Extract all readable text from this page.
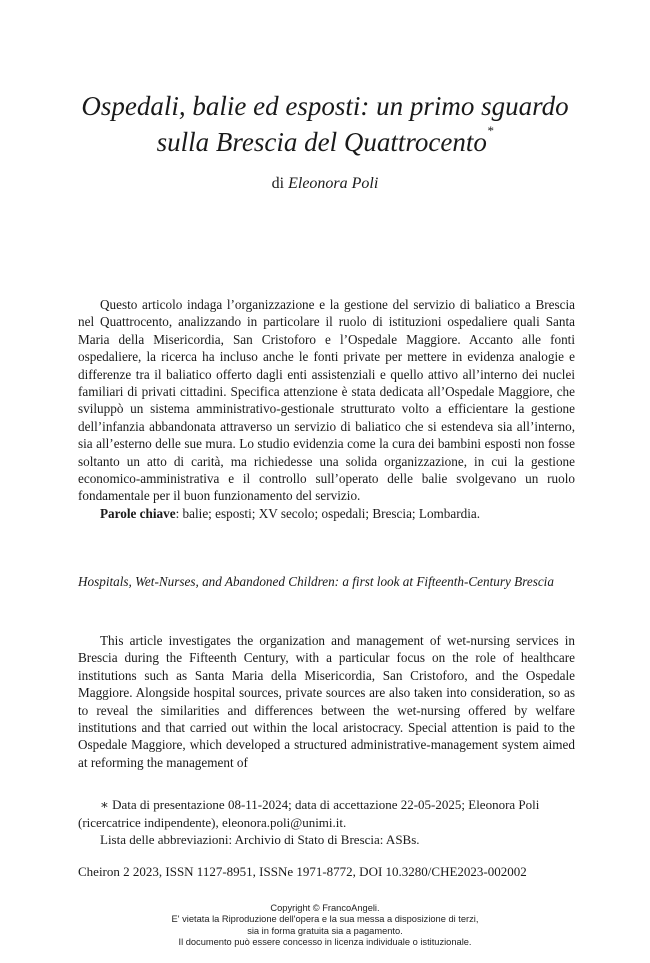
Ospedali, balie ed esposti: un primo sguardo
sulla Brescia del Quattrocento*

di Eleonora Poli

Questo articolo indaga l’organizzazione e la gestione del servizio di baliatico a Brescia nel Quattrocento, analizzando in particolare il ruolo di istituzioni ospedaliere quali Santa Maria della Misericordia, San Cristoforo e l’Ospedale Maggiore. Accanto alle fonti ospedaliere, la ricerca ha incluso anche le fonti private per mettere in evidenza analogie e differenze tra il baliatico offerto dagli enti assistenziali e quello attivo all’interno dei nuclei familiari di privati cittadini. Specifica attenzione è stata dedicata all’Ospedale Maggiore, che sviluppò un sistema amministrativo-gestionale strutturato volto a efficientare la gestione dell’infanzia abbandonata attraverso un servizio di baliatico che si estendeva sia all’interno, sia all’esterno delle sue mura. Lo studio evidenzia come la cura dei bambini esposti non fosse soltanto un atto di carità, ma richiedesse una solida organizzazione, in cui la gestione economico-amministrativa e il controllo sull’operato delle balie svolgevano un ruolo fondamentale per il buon funzionamento del servizio.

Parole chiave: balie; esposti; XV secolo; ospedali; Brescia; Lombardia.

Hospitals, Wet-Nurses, and Abandoned Children: a first look at Fifteenth-Century Brescia

This article investigates the organization and management of wet-nursing services in Brescia during the Fifteenth Century, with a particular focus on the role of healthcare institutions such as Santa Maria della Misericordia, San Cristoforo, and the Ospedale Maggiore. Alongside hospital sources, private sources are also taken into consideration, so as to reveal the similarities and differences between the wet-nursing offered by welfare institutions and that carried out within the local aristocracy. Special attention is paid to the Ospedale Maggiore, which developed a structured administrative-management system aimed at reforming the management of

∗ Data di presentazione 08-11-2024; data di accettazione 22-05-2025; Eleonora Poli (ricercatrice indipendente), eleonora.poli@unimi.it.

Lista delle abbreviazioni: Archivio di Stato di Brescia: ASBs.

Cheiron 2 2023, ISSN 1127-8951, ISSNe 1971-8772, DOI 10.3280/CHE2023-002002

Copyright © FrancoAngeli.
E' vietata la Riproduzione dell'opera e la sua messa a disposizione di terzi,
sia in forma gratuita sia a pagamento.
Il documento può essere concesso in licenza individuale o istituzionale.
